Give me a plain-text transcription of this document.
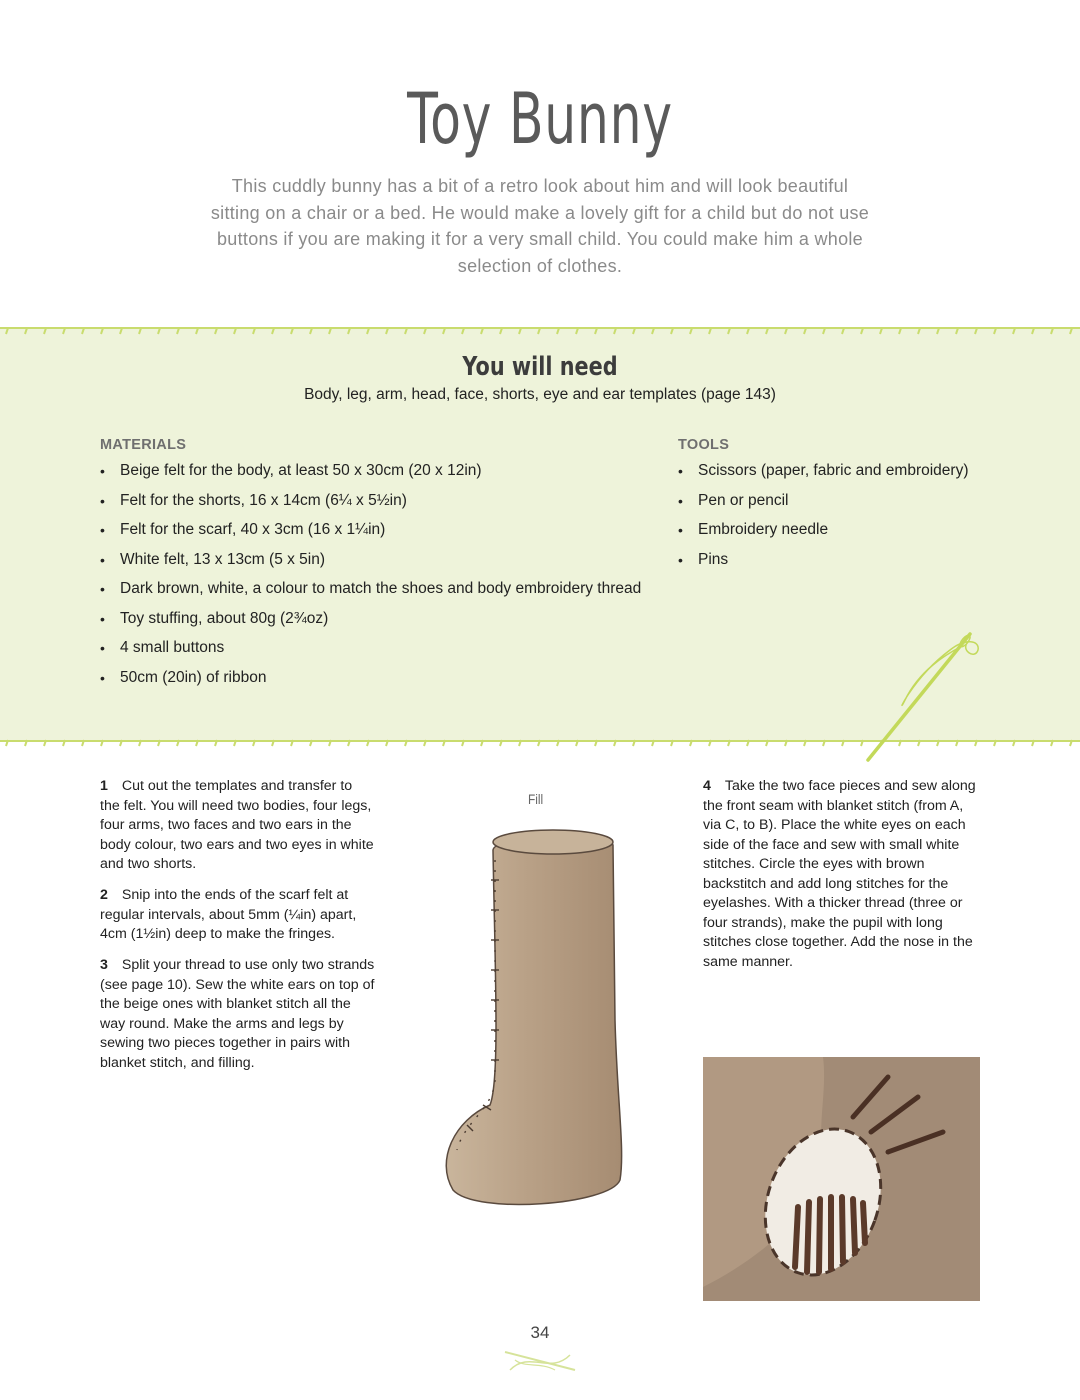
Toy Bunny
This cuddly bunny has a bit of a retro look about him and will look beautiful sitting on a chair or a bed. He would make a lovely gift for a child but do not use buttons if you are making it for a very small child. You could make him a whole selection of clothes.
You will need
Body, leg, arm, head, face, shorts, eye and ear templates (page 143)
MATERIALS
• Beige felt for the body, at least 50 x 30cm (20 x 12in)
• Felt for the shorts, 16 x 14cm (6¼ x 5½in)
• Felt for the scarf, 40 x 3cm (16 x 1¼in)
• White felt, 13 x 13cm (5 x 5in)
• Dark brown, white, a colour to match the shoes and body embroidery thread
• Toy stuffing, about 80g (2¾oz)
• 4 small buttons
• 50cm (20in) of ribbon
TOOLS
• Scissors (paper, fabric and embroidery)
• Pen or pencil
• Embroidery needle
• Pins
1 Cut out the templates and transfer to the felt. You will need two bodies, four legs, four arms, two faces and two ears in the body colour, two ears and two eyes in white and two shorts.
2 Snip into the ends of the scarf felt at regular intervals, about 5mm (¼in) apart, 4cm (1½in) deep to make the fringes.
3 Split your thread to use only two strands (see page 10). Sew the white ears on top of the beige ones with blanket stitch all the way round. Make the arms and legs by sewing two pieces together in pairs with blanket stitch, and filling.
4 Take the two face pieces and sew along the front seam with blanket stitch (from A, via C, to B). Place the white eyes on each side of the face and sew with small white stitches. Circle the eyes with brown backstitch and add long stitches for the eyelashes. With a thicker thread (three or four strands), make the pupil with long stitches close together. Add the nose in the same manner.
Fill
34
